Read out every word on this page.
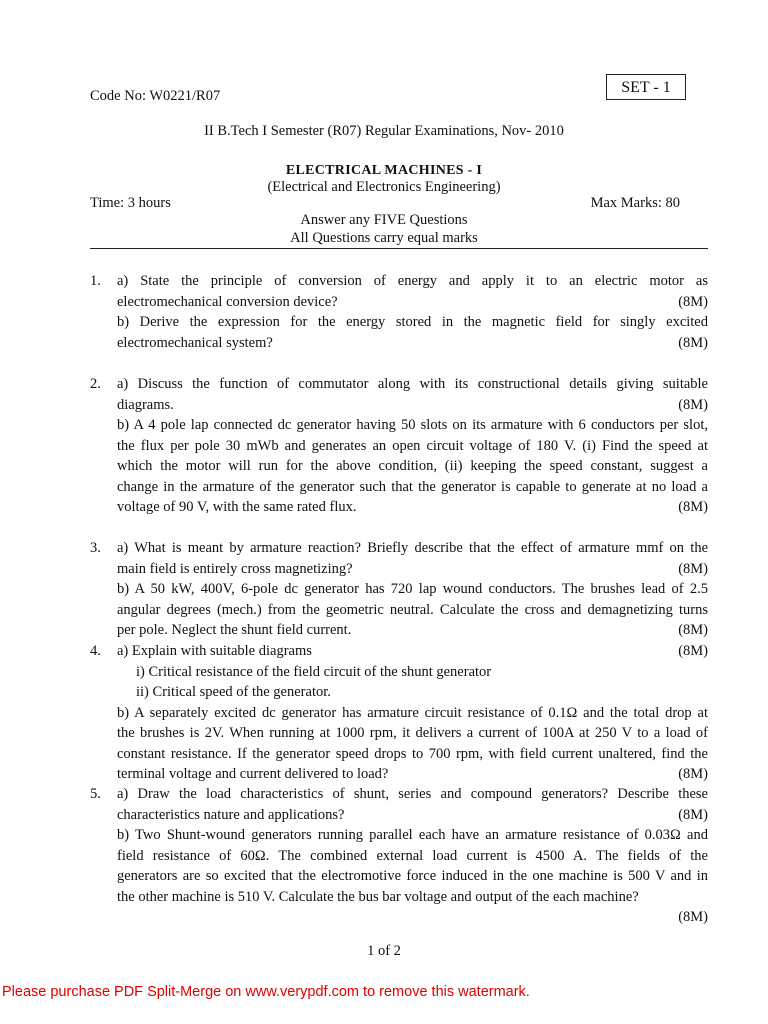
Code No: W0221/R07	SET - 1
II B.Tech I Semester (R07) Regular Examinations, Nov- 2010
ELECTRICAL MACHINES - I
(Electrical and Electronics Engineering)
Time: 3 hours	Max Marks: 80
Answer any FIVE Questions
All Questions carry equal marks
1.	a) State the principle of conversion of energy and apply it to an electric motor as
electromechanical conversion device?	(8M)
b) Derive the expression for the energy stored in the magnetic field for singly excited
electromechanical system?	(8M)
2.	a) Discuss the function of commutator along with its constructional details giving suitable
diagrams.	(8M)
b) A 4 pole lap connected dc generator having 50 slots on its armature with 6 conductors per slot,
the flux per pole 30 mWb and generates an open circuit voltage of 180 V. (i) Find the speed at
which the motor will run for the above condition, (ii) keeping the speed constant, suggest a
change in the armature of the generator such that the generator is capable to generate at no load a
voltage of 90 V, with the same rated flux.	(8M)
3.	a) What is meant by armature reaction? Briefly describe that the effect of armature mmf on the
main field is entirely cross magnetizing?	(8M)
b) A 50 kW, 400V, 6-pole dc generator has 720 lap wound conductors. The brushes lead of 2.5
angular degrees (mech.) from the geometric neutral. Calculate the cross and demagnetizing turns
per pole. Neglect the shunt field current.	(8M)
4.	a) Explain with suitable diagrams	(8M)
i) Critical resistance of the field circuit of the shunt generator
ii) Critical speed of the generator.
b) A separately excited dc generator has armature circuit resistance of 0.1Ω and the total drop at
the brushes is 2V. When running at 1000 rpm, it delivers a current of 100A at 250 V to a load of
constant resistance. If the generator speed drops to 700 rpm, with field current unaltered, find the
terminal voltage and current delivered to load?	(8M)
5.	a) Draw the load characteristics of shunt, series and compound generators? Describe these
characteristics nature and applications?	(8M)
b) Two Shunt-wound generators running parallel each have an armature resistance of 0.03Ω and
field resistance of 60Ω. The combined external load current is 4500 A. The fields of the
generators are so excited that the electromotive force induced in the one machine is 500 V and in
the other machine is 510 V. Calculate the bus bar voltage and output of the each machine?
(8M)
1 of 2
Please purchase PDF Split-Merge on www.verypdf.com to remove this watermark.
